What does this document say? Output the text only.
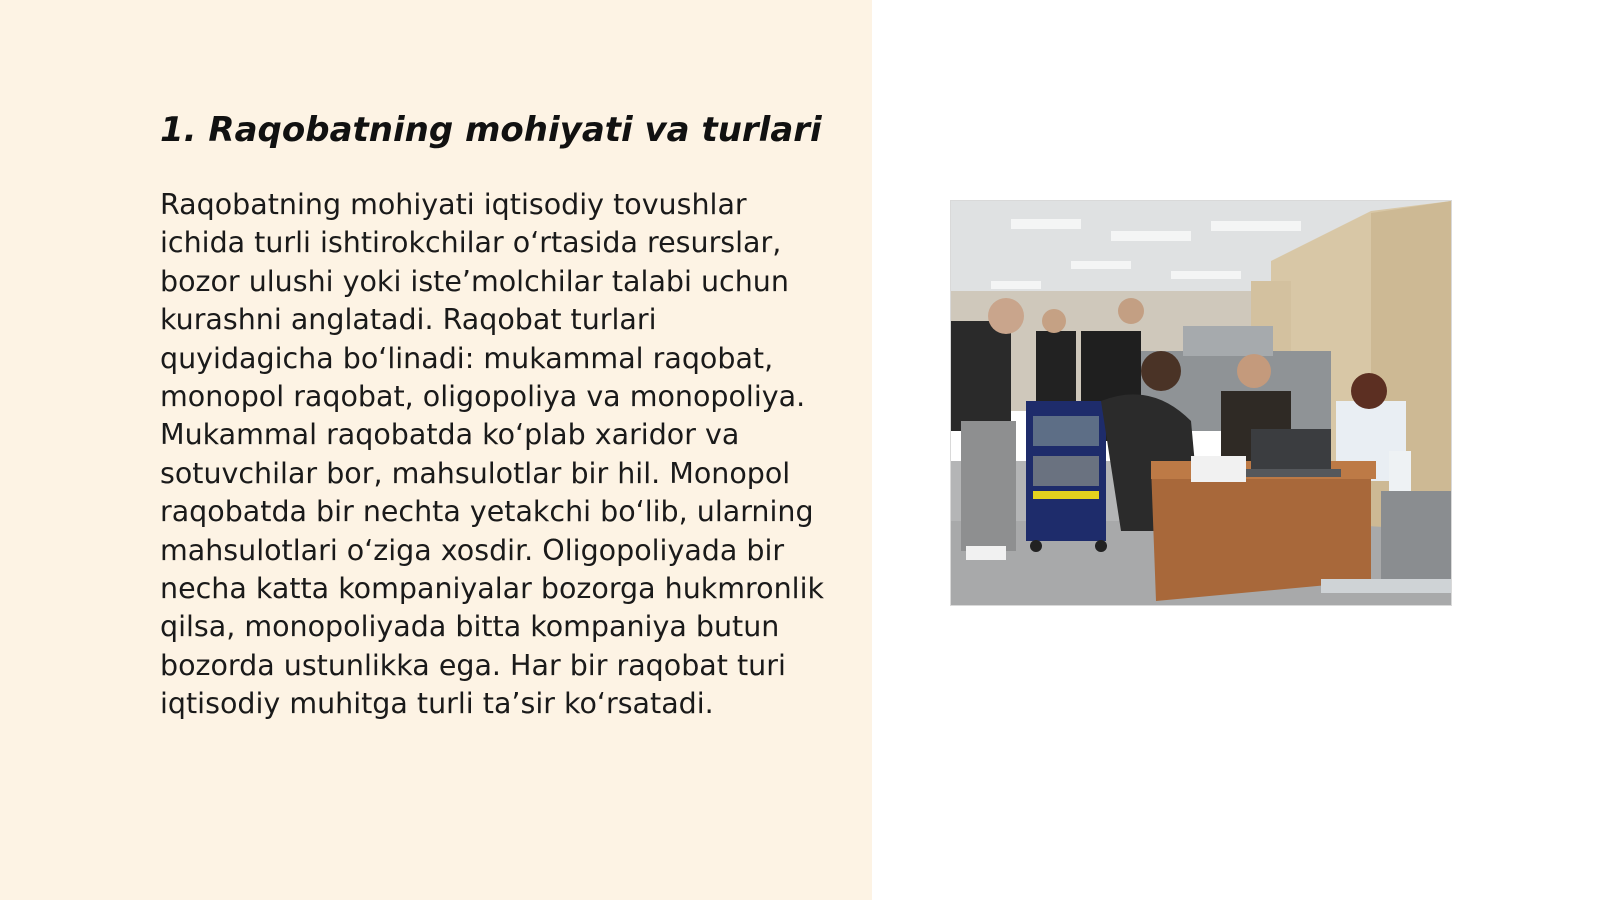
1. Raqobatning mohiyati va turlari

Raqobatning mohiyati iqtisodiy tovushlar ichida turli ishtirokchilar o‘rtasida resurslar, bozor ulushi yoki iste’molchilar talabi uchun kurashni anglatadi. Raqobat turlari quyidagicha bo‘linadi: mukammal raqobat, monopol raqobat, oligopoliya va monopoliya. Mukammal raqobatda ko‘plab xaridor va sotuvchilar bor, mahsulotlar bir hil. Monopol raqobatda bir nechta yetakchi bo‘lib, ularning mahsulotlari o‘ziga xosdir. Oligopoliyada bir necha katta kompaniyalar bozorga hukmronlik qilsa, monopoliyada bitta kompaniya butun bozorda ustunlikka ega. Har bir raqobat turi iqtisodiy muhitga turli ta’sir ko‘rsatadi.
